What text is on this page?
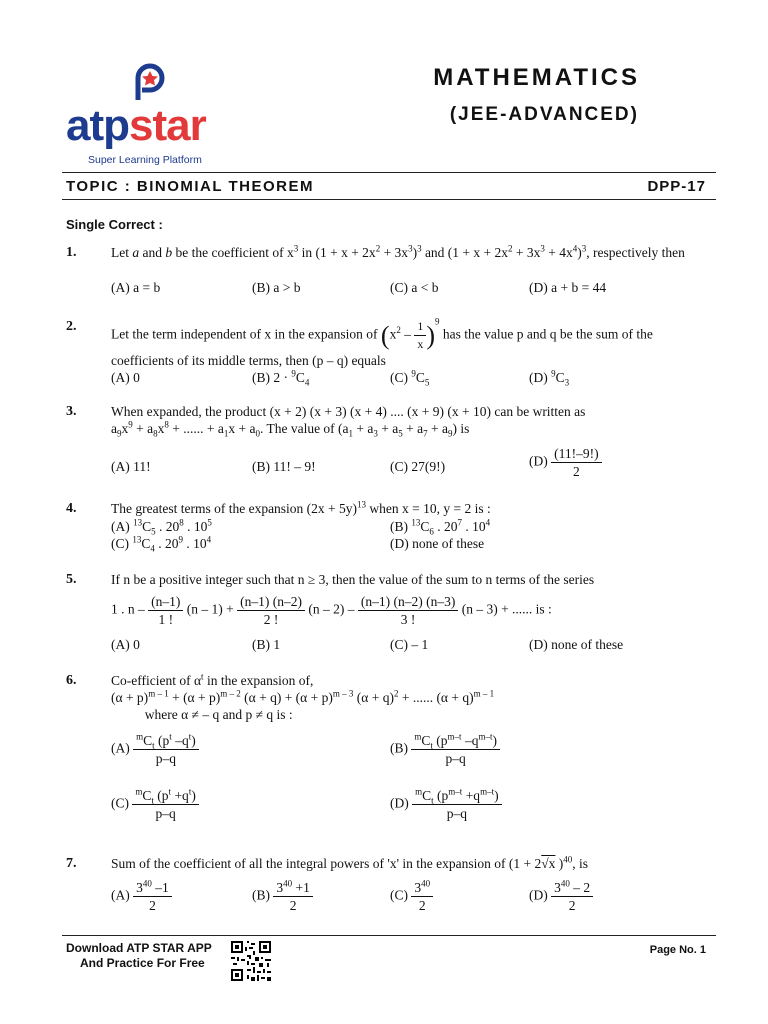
atpstar
Super Learning Platform
MATHEMATICS
(JEE-ADVANCED)
TOPIC : BINOMIAL THEOREM	DPP-17
Single Correct :
1.	Let a and b be the coefficient of $x^3$ in $(1 + x + 2x^2 + 3x^3)^3$ and $(1 + x + 2x^2 + 3x^3 + 4x^4)^3$, respectively then
(A) a = b	(B) a > b	(C) a < b	(D) a + b = 44
2.
Let the term independent of x in the expansion of $(x^2 - \frac{1}{x} )^9$ has the value p and q be the sum of the
coefficients of its middle terms, then (p – q) equals
(A) 0	(B) $2 \cdot ^9C_4$	(C) $^9C_5$	(D) $^9C_3$
3.	When expanded, the product (x + 2) (x + 3) (x + 4) .... (x + 9) (x + 10) can be written as
$a_9x^9 + a_8x^8$ + ...... + $a_1x + a_0$. The value of $(a_1 + a_3 + a_5 + a_7 + a_9)$ is
(A) 11!	(B) 11! – 9!	(C) 27(9!)	$(D) \frac{(11!-9!)}{2}$
4.	The greatest terms of the expansion $(2x + 5y)^{13}$ when x = 10, y = 2 is :
(A) $^{13}C_5$ . $20^8$ . $10^5$	(B) $^{13}C_6$ . $20^7$ . $10^4$
(C) $^{13}C_4$ . $20^9$ . $10^4$	(D) none of these
5.	If n be a positive integer such that n ≥ 3, then the value of the sum to n terms of the series
1 . $n - \frac{(n-1)}{1 !} (n - 1) + \frac{(n-1) (n-2)}{2 !} (n - 2) - \frac{(n-1) (n-2) (n-3)}{3 !} (n - 3)$ + ...... is :
(A) 0	(B) 1	(C) – 1	(D) none of these
6.	Co-efficient of $\alpha^t$ in the expansion of,
$(\alpha + p)^{m - 1} + (\alpha + p)^{m - 2}$ $(\alpha + q) + (\alpha + p)^{m - 3}$ $(\alpha + q)^2$ + ...... $(\alpha + q)^{m - 1}$
where α ≠ – q and p ≠ q is :
$(A) \frac{^mC_t (p^t -q^t)}{p-q}$	$(B) \frac{^mC_t (p^{m-t} -q^{m-t})}{p-q}$
$(C) \frac{^mC_t (p^t +q^t)}{p-q}$	$(D) \frac{^mC_t (p^{m-t} +q^{m-t})}{p-q}$
7.	Sum of the coefficient of all the integral powers of 'x' in the expansion of (1 + 2√x )$^{40}$, is
$(A) \frac{3^{40} -1}{2}$	$(B) \frac{3^{40} +1}{2}$	$(C) \frac{3^{40}}{2}$	$(D) \frac{3^{40} - 2}{2}$
Download ATP STAR APP
And Practice For Free
Page No. 1
